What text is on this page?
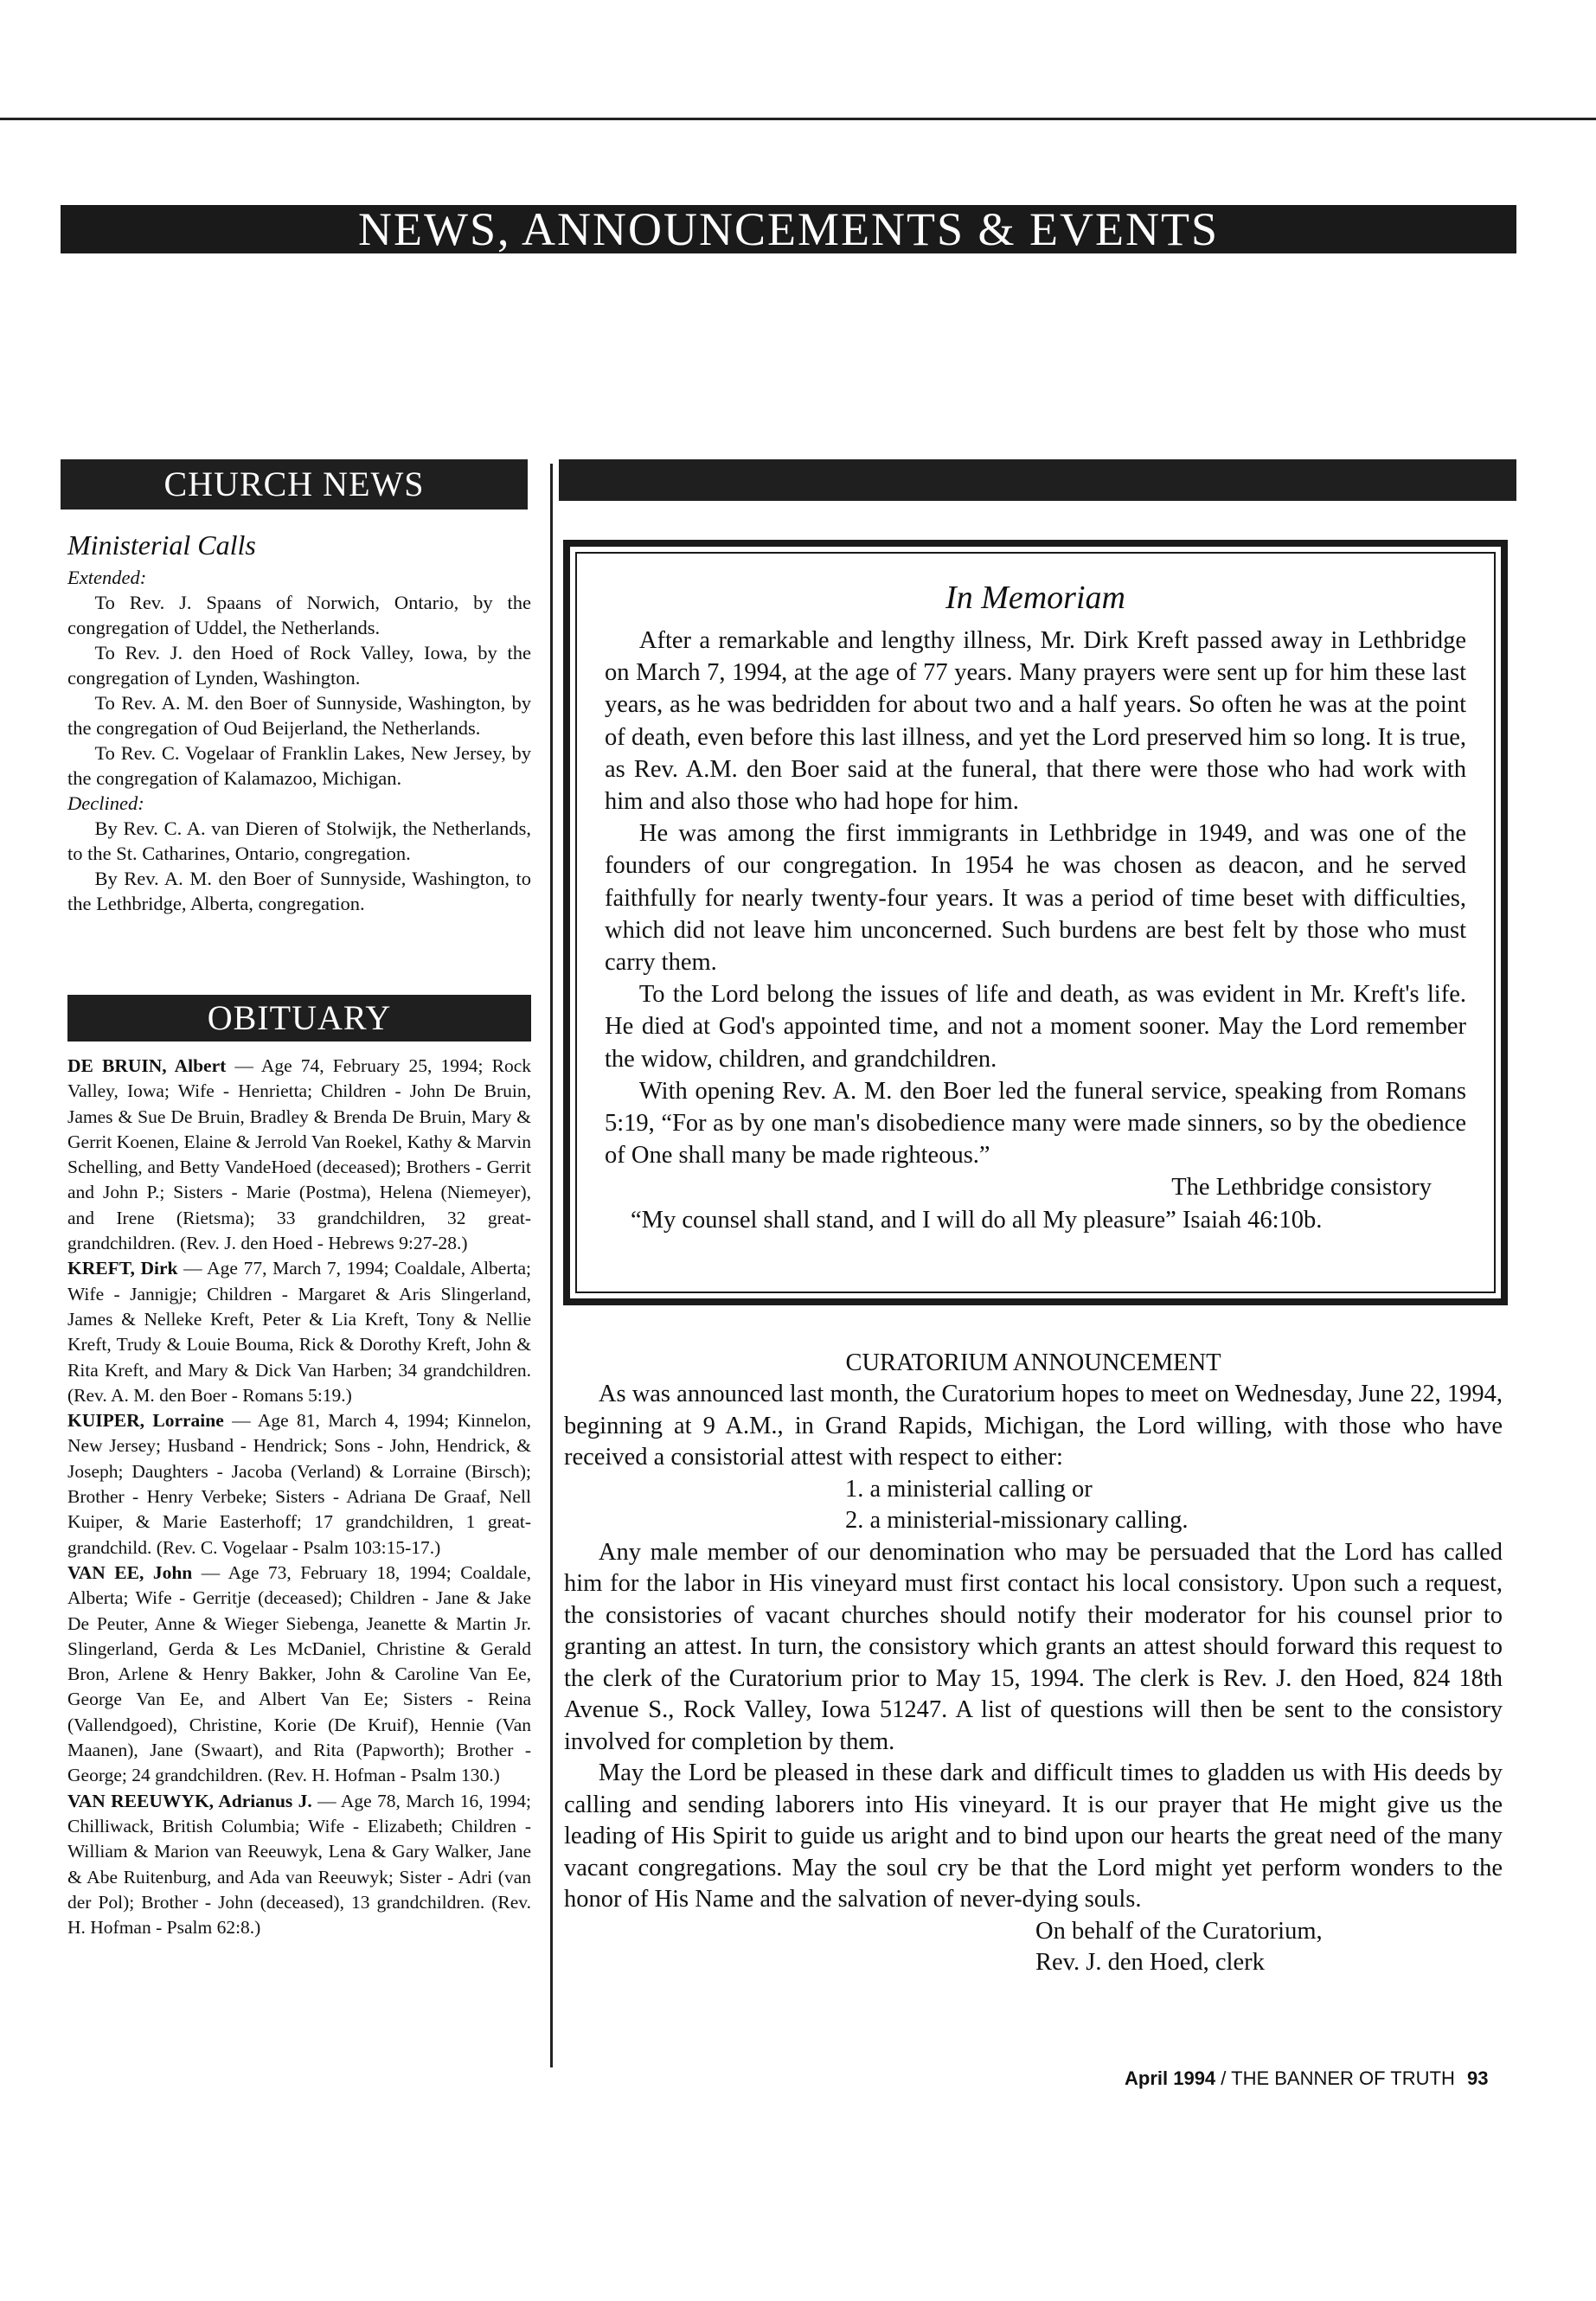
NEWS, ANNOUNCEMENTS & EVENTS
CHURCH NEWS

Ministerial Calls

Extended:

To Rev. J. Spaans of Norwich, Ontario, by the congregation of Uddel, the Netherlands.

To Rev. J. den Hoed of Rock Valley, Iowa, by the congregation of Lynden, Washington.

To Rev. A. M. den Boer of Sunnyside, Washington, by the congregation of Oud Beijerland, the Netherlands.

To Rev. C. Vogelaar of Franklin Lakes, New Jersey, by the congregation of Kalamazoo, Michigan.

Declined:

By Rev. C. A. van Dieren of Stolwijk, the Netherlands, to the St. Catharines, Ontario, congregation.

By Rev. A. M. den Boer of Sunnyside, Washington, to the Lethbridge, Alberta, congregation.

OBITUARY

DE BRUIN, Albert — Age 74, February 25, 1994; Rock Valley, Iowa; Wife - Henrietta; Children - John De Bruin, James & Sue De Bruin, Bradley & Brenda De Bruin, Mary & Gerrit Koenen, Elaine & Jerrold Van Roekel, Kathy & Marvin Schelling, and Betty VandeHoed (deceased); Brothers - Gerrit and John P.; Sisters - Marie (Postma), Helena (Niemeyer), and Irene (Rietsma); 33 grandchildren, 32 great-grandchildren. (Rev. J. den Hoed - Hebrews 9:27-28.)

KREFT, Dirk — Age 77, March 7, 1994; Coaldale, Alberta; Wife - Jannigje; Children - Margaret & Aris Slingerland, James & Nelleke Kreft, Peter & Lia Kreft, Tony & Nellie Kreft, Trudy & Louie Bouma, Rick & Dorothy Kreft, John & Rita Kreft, and Mary & Dick Van Harben; 34 grandchildren. (Rev. A. M. den Boer - Romans 5:19.)

KUIPER, Lorraine — Age 81, March 4, 1994; Kinnelon, New Jersey; Husband - Hendrick; Sons - John, Hendrick, & Joseph; Daughters - Jacoba (Verland) & Lorraine (Birsch); Brother - Henry Verbeke; Sisters - Adriana De Graaf, Nell Kuiper, & Marie Easterhoff; 17 grandchildren, 1 great-grandchild. (Rev. C. Vogelaar - Psalm 103:15-17.)

VAN EE, John — Age 73, February 18, 1994; Coaldale, Alberta; Wife - Gerritje (deceased); Children - Jane & Jake De Peuter, Anne & Wieger Siebenga, Jeanette & Martin Jr. Slingerland, Gerda & Les McDaniel, Christine & Gerald Bron, Arlene & Henry Bakker, John & Caroline Van Ee, George Van Ee, and Albert Van Ee; Sisters - Reina (Vallendgoed), Christine, Korie (De Kruif), Hennie (Van Maanen), Jane (Swaart), and Rita (Papworth); Brother - George; 24 grandchildren. (Rev. H. Hofman - Psalm 130.)

VAN REEUWYK, Adrianus J. — Age 78, March 16, 1994; Chilliwack, British Columbia; Wife - Elizabeth; Children - William & Marion van Reeuwyk, Lena & Gary Walker, Jane & Abe Ruitenburg, and Ada van Reeuwyk; Sister - Adri (van der Pol); Brother - John (deceased), 13 grandchildren. (Rev. H. Hofman - Psalm 62:8.)

In Memoriam

After a remarkable and lengthy illness, Mr. Dirk Kreft passed away in Lethbridge on March 7, 1994, at the age of 77 years. Many prayers were sent up for him these last years, as he was bedridden for about two and a half years. So often he was at the point of death, even before this last illness, and yet the Lord preserved him so long. It is true, as Rev. A.M. den Boer said at the funeral, that there were those who had work with him and also those who had hope for him.

He was among the first immigrants in Lethbridge in 1949, and was one of the founders of our congregation. In 1954 he was chosen as deacon, and he served faithfully for nearly twenty-four years. It was a period of time beset with difficulties, which did not leave him unconcerned. Such burdens are best felt by those who must carry them.

To the Lord belong the issues of life and death, as was evident in Mr. Kreft's life. He died at God's appointed time, and not a moment sooner. May the Lord remember the widow, children, and grandchildren.

With opening Rev. A. M. den Boer led the funeral service, speaking from Romans 5:19, “For as by one man's disobedience many were made sinners, so by the obedience of One shall many be made righteous.”

The Lethbridge consistory

“My counsel shall stand, and I will do all My pleasure” Isaiah 46:10b.

CURATORIUM ANNOUNCEMENT

As was announced last month, the Curatorium hopes to meet on Wednesday, June 22, 1994, beginning at 9 A.M., in Grand Rapids, Michigan, the Lord willing, with those who have received a consistorial attest with respect to either:

1. a ministerial calling or

2. a ministerial-missionary calling.

Any male member of our denomination who may be persuaded that the Lord has called him for the labor in His vineyard must first contact his local consistory. Upon such a request, the consistories of vacant churches should notify their moderator for his counsel prior to granting an attest. In turn, the consistory which grants an attest should forward this request to the clerk of the Curatorium prior to May 15, 1994. The clerk is Rev. J. den Hoed, 824 18th Avenue S., Rock Valley, Iowa 51247. A list of questions will then be sent to the consistory involved for completion by them.

May the Lord be pleased in these dark and difficult times to gladden us with His deeds by calling and sending laborers into His vineyard. It is our prayer that He might give us the leading of His Spirit to guide us aright and to bind upon our hearts the great need of the many vacant congregations. May the soul cry be that the Lord might yet perform wonders to the honor of His Name and the salvation of never-dying souls.

On behalf of the Curatorium,

Rev. J. den Hoed, clerk

April 1994 / THE BANNER OF TRUTH 93
